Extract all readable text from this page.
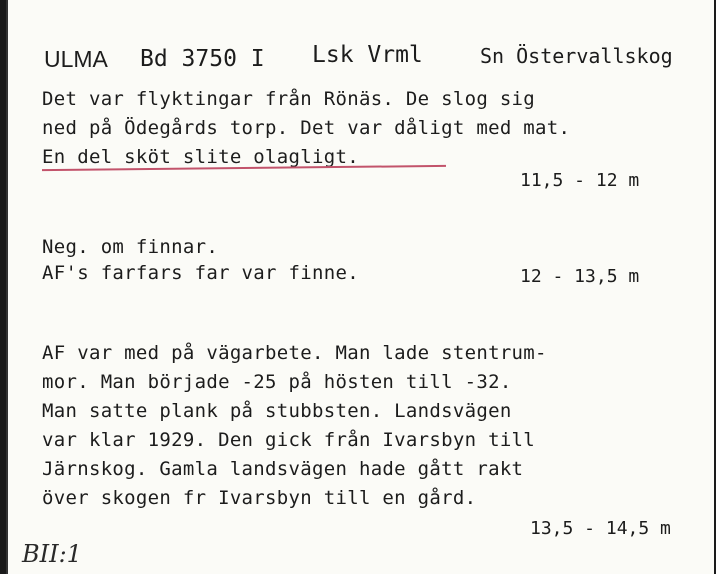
ULMA Bd 3750 I Lsk Vrml	Sn Östervallskog
Det var flyktingar från Rönäs. De slog sig
ned på Ödegårds torp. Det var dåligt med mat.
En del sköt slite olagligt.
11,5 - 12 m
Neg. om finnar.
AF's farfars far var finne.	12 - 13,5 m
AF var med på vägarbete. Man lade stentrum-
mor. Man började -25 på hösten till -32.
Man satte plank på stubbsten. Landsvägen
var klar 1929. Den gick från Ivarsbyn till
Järnskog. Gamla landsvägen hade gått rakt
över skogen fr Ivarsbyn till en gård.
13,5 - 14,5 m
BII:1
